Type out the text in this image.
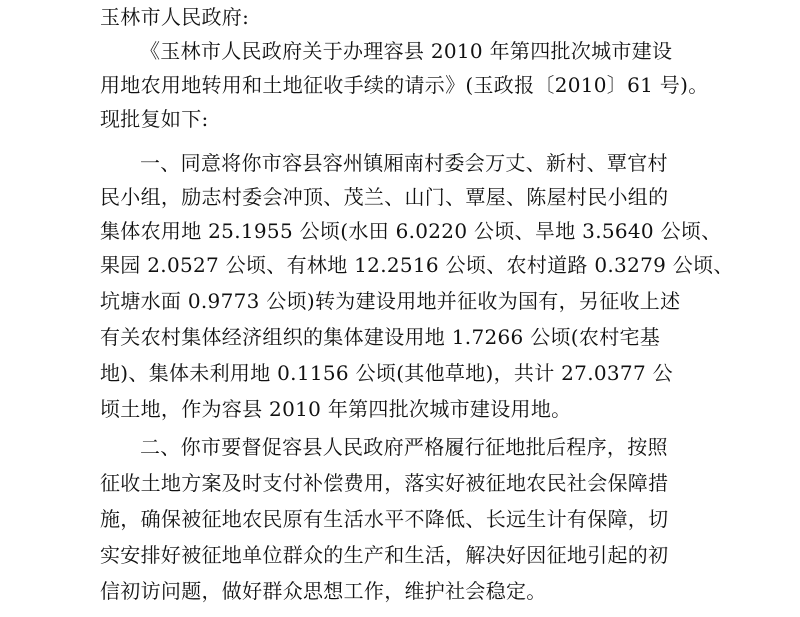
玉林市人民政府:
《玉林市人民政府关于办理容县 2010 年第四批次城市建设
用地农用地转用和土地征收手续的请示》(玉政报〔2010〕61 号)。
现批复如下:
一、同意将你市容县容州镇厢南村委会万丈、新村、覃官村
民小组，励志村委会冲顶、茂兰、山门、覃屋、陈屋村民小组的
集体农用地 25.1955 公顷(水田 6.0220 公顷、旱地 3.5640 公顷、
果园 2.0527 公顷、有林地 12.2516 公顷、农村道路 0.3279 公顷、
坑塘水面 0.9773 公顷)转为建设用地并征收为国有，另征收上述
有关农村集体经济组织的集体建设用地 1.7266 公顷(农村宅基
地)、集体未利用地 0.1156 公顷(其他草地)，共计 27.0377 公
顷土地，作为容县 2010 年第四批次城市建设用地。
二、你市要督促容县人民政府严格履行征地批后程序，按照
征收土地方案及时支付补偿费用，落实好被征地农民社会保障措
施，确保被征地农民原有生活水平不降低、长远生计有保障，切
实安排好被征地单位群众的生产和生活，解决好因征地引起的初
信初访问题，做好群众思想工作，维护社会稳定。
